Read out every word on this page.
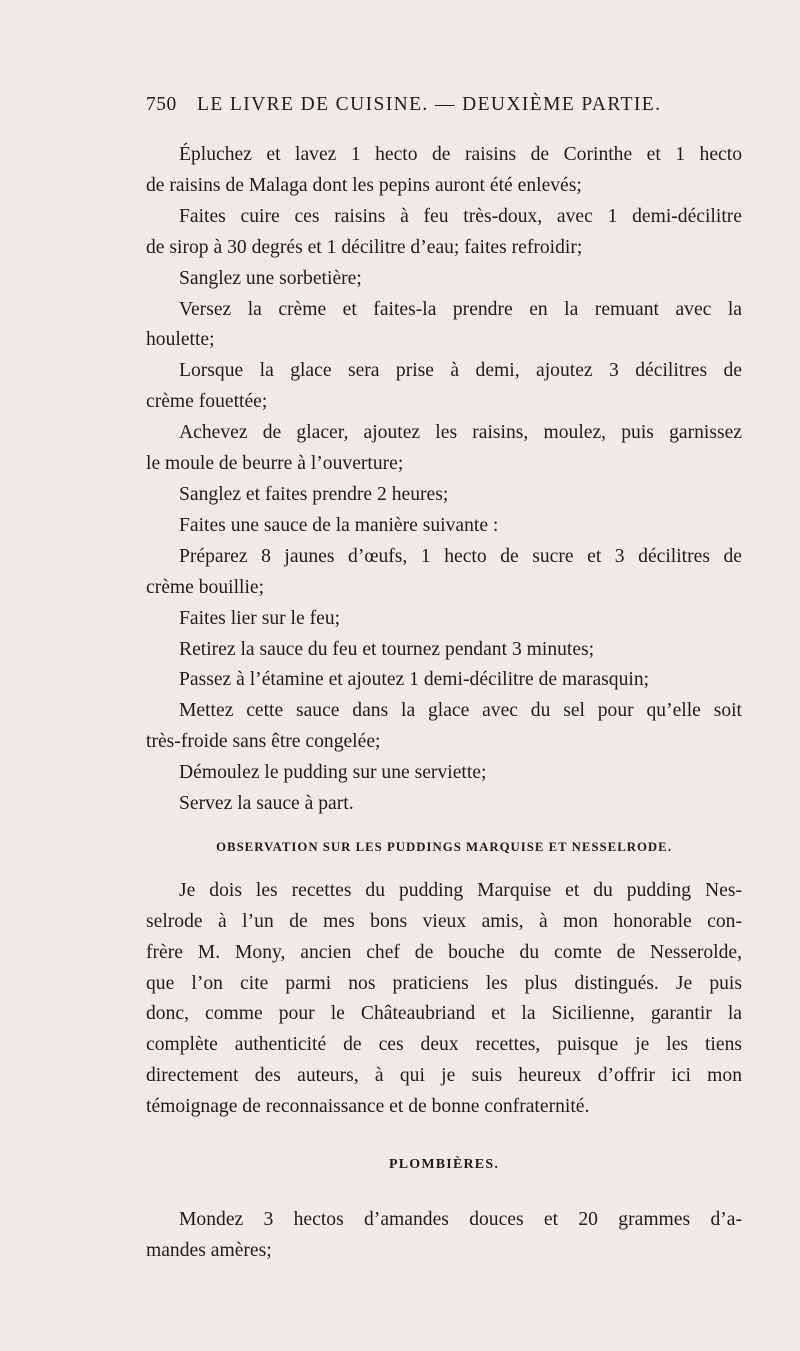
750 LE LIVRE DE CUISINE. — DEUXIÈME PARTIE.
Épluchez et lavez 1 hecto de raisins de Corinthe et 1 hecto
de raisins de Malaga dont les pepins auront été enlevés;
Faites cuire ces raisins à feu très-doux, avec 1 demi-décilitre
de sirop à 30 degrés et 1 décilitre d’eau; faites refroidir;
Sanglez une sorbetière;
Versez la crème et faites-la prendre en la remuant avec la
houlette;
Lorsque la glace sera prise à demi, ajoutez 3 décilitres de
crème fouettée;
Achevez de glacer, ajoutez les raisins, moulez, puis garnissez
le moule de beurre à l’ouverture;
Sanglez et faites prendre 2 heures;
Faites une sauce de la manière suivante :
Préparez 8 jaunes d’œufs, 1 hecto de sucre et 3 décilitres de
crème bouillie;
Faites lier sur le feu;
Retirez la sauce du feu et tournez pendant 3 minutes;
Passez à l’étamine et ajoutez 1 demi-décilitre de marasquin;
Mettez cette sauce dans la glace avec du sel pour qu’elle soit
très-froide sans être congelée;
Démoulez le pudding sur une serviette;
Servez la sauce à part.
OBSERVATION SUR LES PUDDINGS MARQUISE ET NESSELRODE.
Je dois les recettes du pudding Marquise et du pudding Nes-
selrode à l’un de mes bons vieux amis, à mon honorable con-
frère M. Mony, ancien chef de bouche du comte de Nesserolde,
que l’on cite parmi nos praticiens les plus distingués. Je puis
donc, comme pour le Châteaubriand et la Sicilienne, garantir la
complète authenticité de ces deux recettes, puisque je les tiens
directement des auteurs, à qui je suis heureux d’offrir ici mon
témoignage de reconnaissance et de bonne confraternité.
PLOMBIÈRES.
Mondez 3 hectos d’amandes douces et 20 grammes d’a-
mandes amères;
